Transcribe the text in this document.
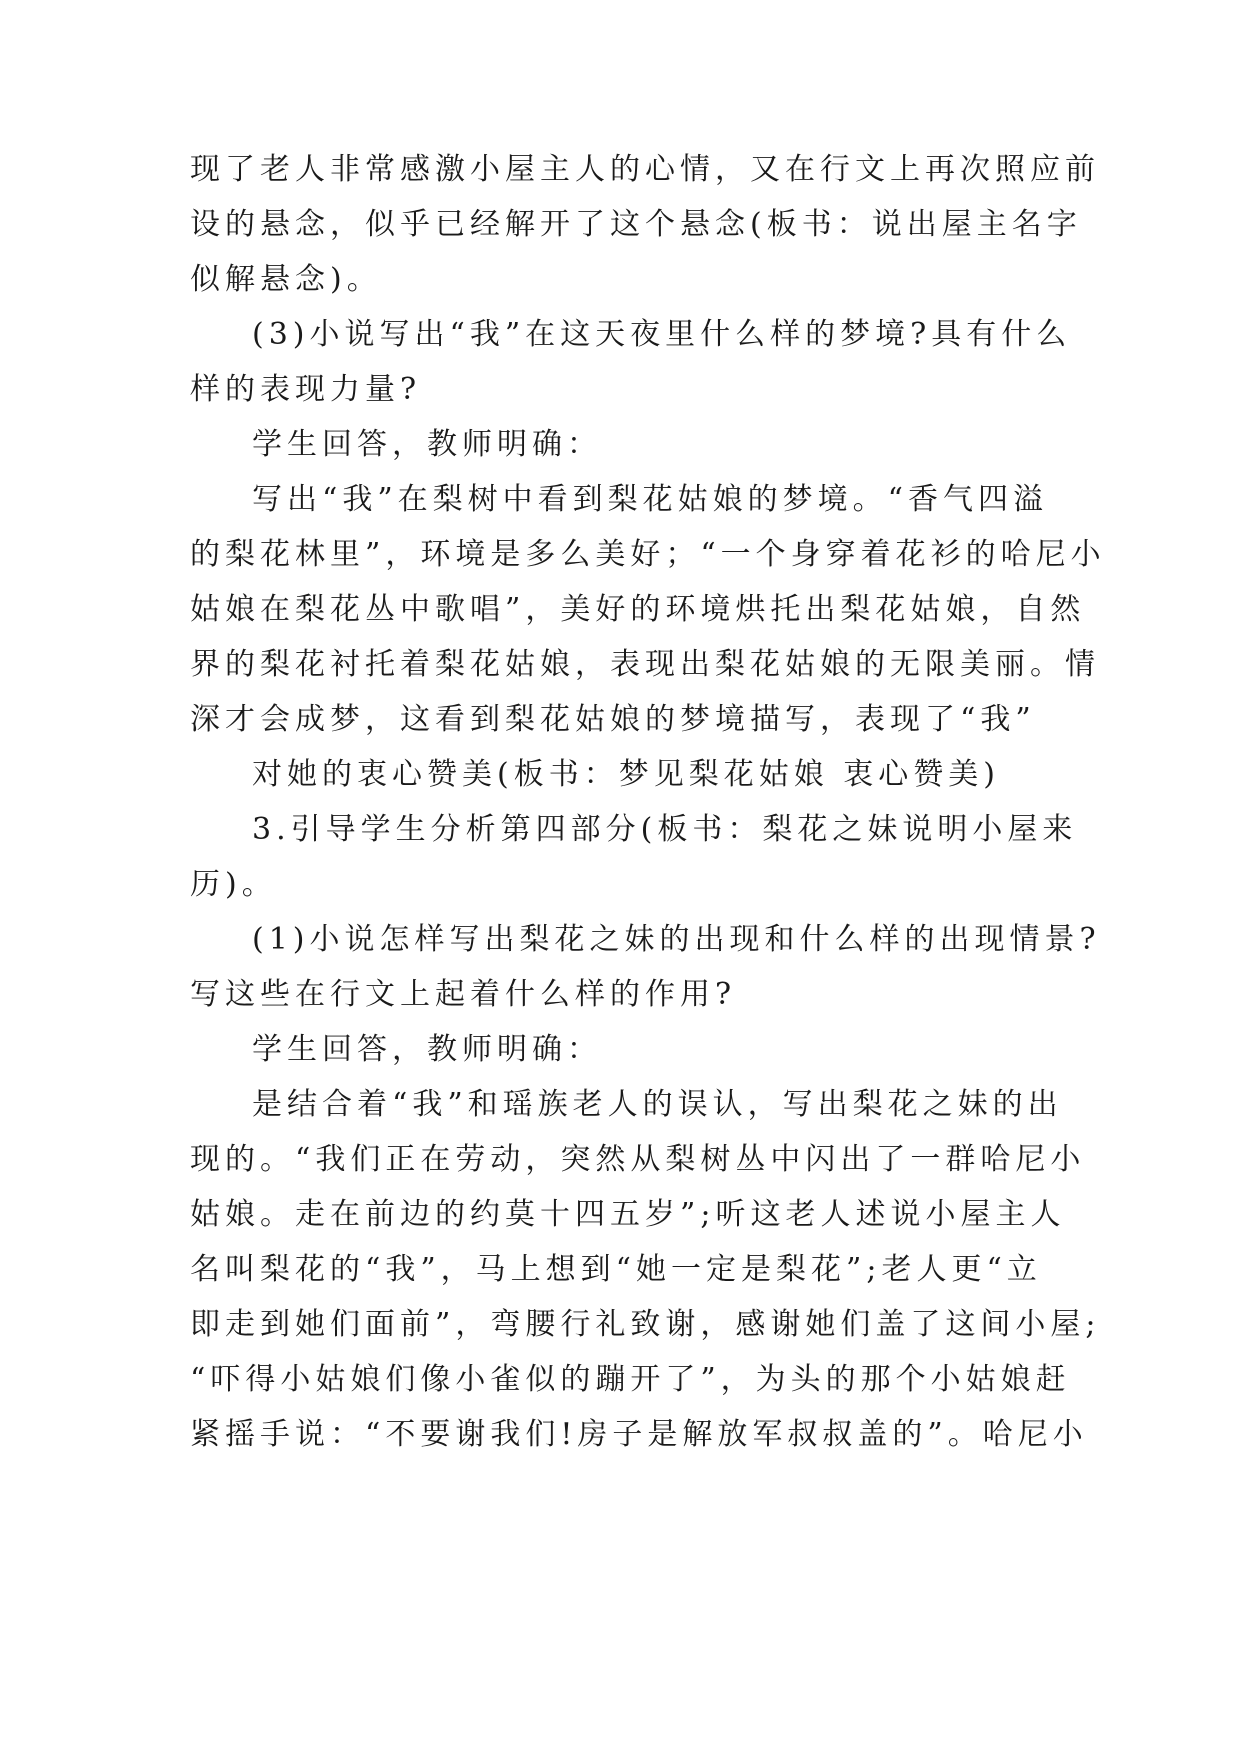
现了老人非常感激小屋主人的心情，又在行文上再次照应前
设的悬念，似乎已经解开了这个悬念(板书：说出屋主名字
似解悬念)。
(3)小说写出“我”在这天夜里什么样的梦境?具有什么
样的表现力量?
学生回答，教师明确：
写出“我”在梨树中看到梨花姑娘的梦境。“香气四溢
的梨花林里”，环境是多么美好；“一个身穿着花衫的哈尼小
姑娘在梨花丛中歌唱”，美好的环境烘托出梨花姑娘，自然
界的梨花衬托着梨花姑娘，表现出梨花姑娘的无限美丽。情
深才会成梦，这看到梨花姑娘的梦境描写，表现了“我”
对她的衷心赞美(板书：梦见梨花姑娘 衷心赞美)
3.引导学生分析第四部分(板书：梨花之妹说明小屋来
历)。
(1)小说怎样写出梨花之妹的出现和什么样的出现情景?
写这些在行文上起着什么样的作用?
学生回答，教师明确：
是结合着“我”和瑶族老人的误认，写出梨花之妹的出
现的。“我们正在劳动，突然从梨树丛中闪出了一群哈尼小
姑娘。走在前边的约莫十四五岁”;听这老人述说小屋主人
名叫梨花的“我”，马上想到“她一定是梨花”;老人更“立
即走到她们面前”，弯腰行礼致谢，感谢她们盖了这间小屋;
“吓得小姑娘们像小雀似的蹦开了”，为头的那个小姑娘赶
紧摇手说：“不要谢我们!房子是解放军叔叔盖的”。哈尼小
